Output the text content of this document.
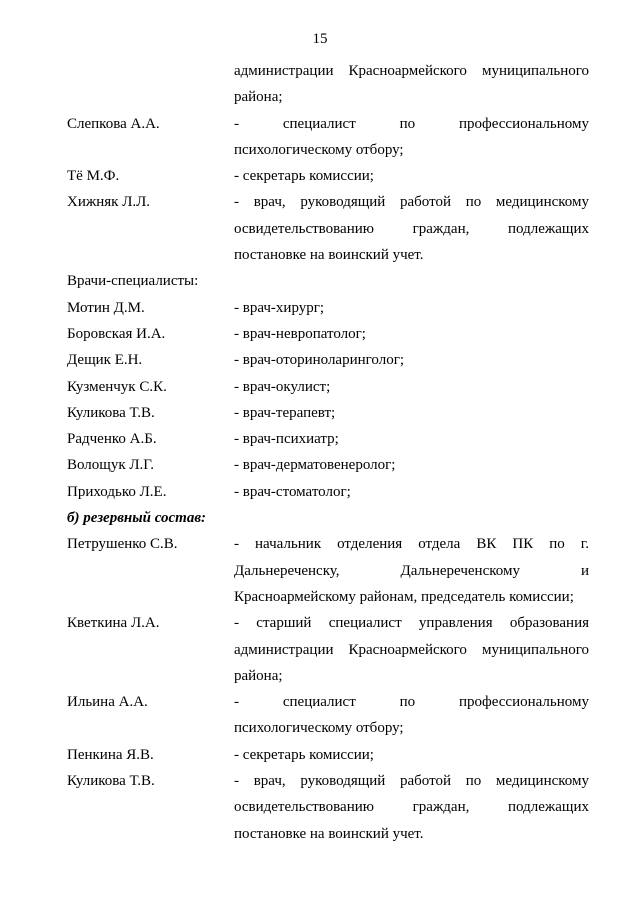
15
администрации Красноармейского муниципального района;
Слепкова А.А.	- специалист по профессиональному психологическому отбору;
Тё М.Ф.	- секретарь комиссии;
Хижняк Л.Л.	- врач, руководящий работой по медицинскому освидетельствованию граждан, подлежащих постановке на воинский учет.
Врачи-специалисты:
Мотин Д.М.	- врач-хирург;
Боровская И.А.	- врач-невропатолог;
Дещик Е.Н.	- врач-оториноларинголог;
Кузменчук С.К.	- врач-окулист;
Куликова Т.В.	- врач-терапевт;
Радченко А.Б.	- врач-психиатр;
Волощук Л.Г.	- врач-дерматовенеролог;
Приходько Л.Е.	- врач-стоматолог;
б) резервный состав:
Петрушенко С.В.	- начальник отделения отдела ВК ПК по г. Дальнереченску, Дальнереченскому и Красноармейскому районам, председатель комиссии;
Кветкина Л.А.	- старший специалист управления образования администрации Красноармейского муниципального района;
Ильина А.А.	- специалист по профессиональному психологическому отбору;
Пенкина Я.В.	- секретарь комиссии;
Куликова Т.В.	- врач, руководящий работой по медицинскому освидетельствованию граждан, подлежащих постановке на воинский учет.
